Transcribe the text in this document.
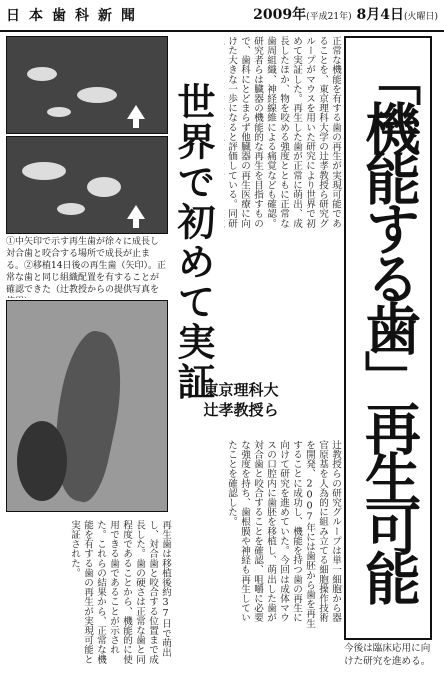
日本歯科新聞	2009年(平成21年) 8月4日(火曜日)
「機能する歯」再生可能
世界で初めて実証
東京理科大
辻孝教授ら
正常な機能を有する歯の再生が実現可能であることを、東京理科大学の辻孝教授ら研究グループがマウスを用いた研究により世界で初めて実証した。再生した歯が正常に萌出、成長したほか、物を咬める強度とともに正常な歯周組織、神経線維による痛覚なども確認。研究者らは臓器の機能的な再生を目指すもので、歯科にとどまらず他臓器の再生医療に向けた大きな一歩になると評価している。同研
①中矢印で示す再生歯が徐々に成長し対合歯と咬合する場所で成長が止まる。②移植14日後の再生歯（矢印）。正常な歯と同じ組織配置を有することが確認できた（辻教授からの提供写真を
辻教授らの研究グループは単一細胞から器官原基を人為的に組み立てる細胞操作技術を開発、2007年には歯胚から歯を再生することに成功し、機能を持つ歯の再生に向けて研究を進めていた。今回は成体マウスの口腔内に歯胚を移植し、萌出した歯が対合歯と咬合することを確認、咀嚼に必要な強度を持ち、歯根膜や神経も再生していたことを確認した。
再生歯は移植後約37日で萌出し、対合歯と咬合する位置まで成長した。歯の硬さは正常な歯と同程度であることから、機能的に使用できる歯であることが示された。これらの結果から、正常な機能を有する歯の再生が実現可能と実証された。
今後は臨床応用に向けた研究を進める。
